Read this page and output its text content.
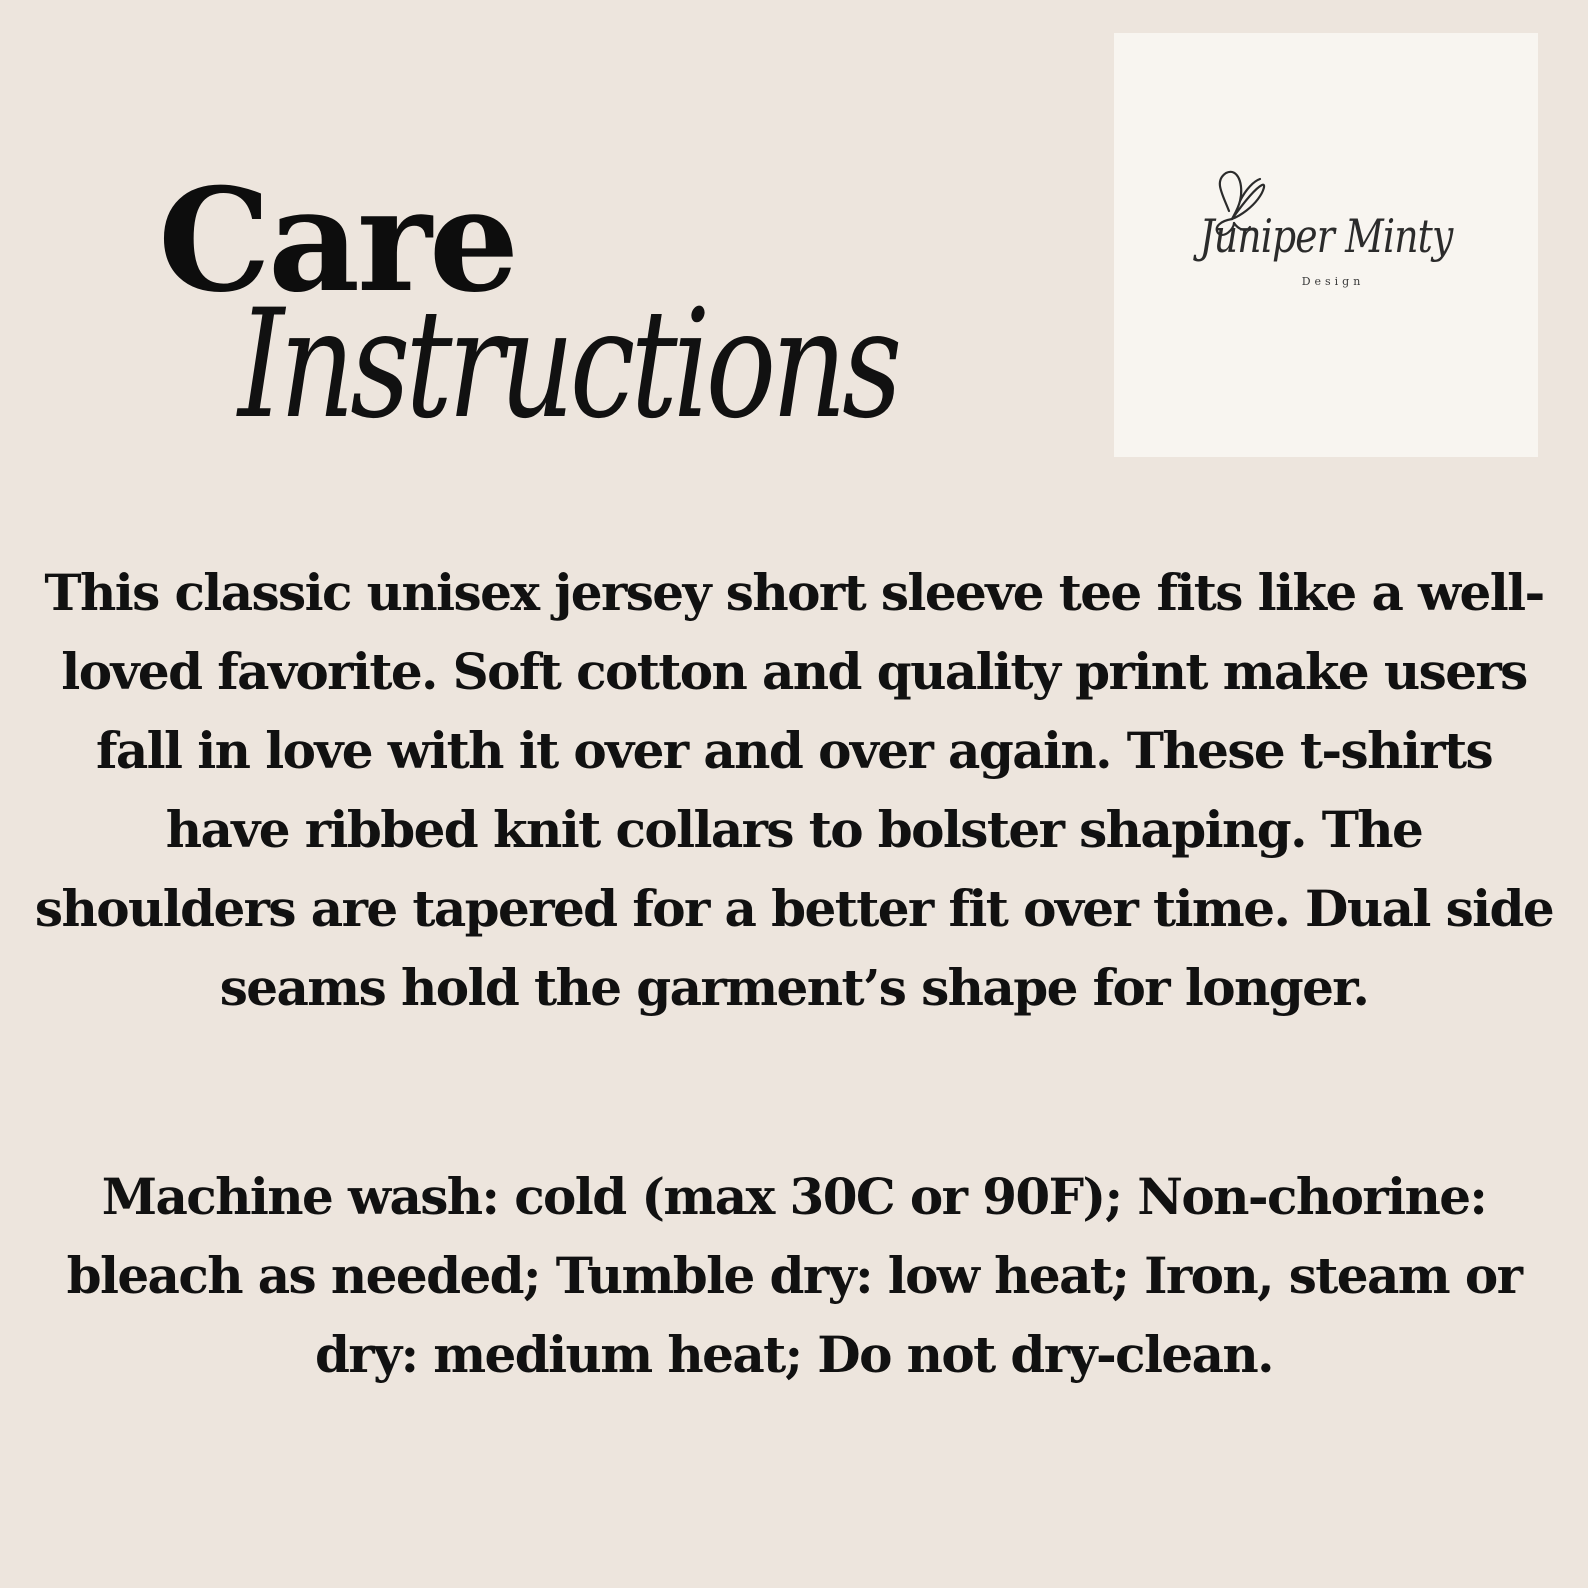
Care
Instructions
Juniper Minty
Design

This classic unisex jersey short sleeve tee fits like a well-loved favorite. Soft cotton and quality print make users fall in love with it over and over again. These t-shirts have ribbed knit collars to bolster shaping. The shoulders are tapered for a better fit over time. Dual side seams hold the garment’s shape for longer.

Machine wash: cold (max 30C or 90F); Non-chorine: bleach as needed; Tumble dry: low heat; Iron, steam or dry: medium heat; Do not dry-clean.
